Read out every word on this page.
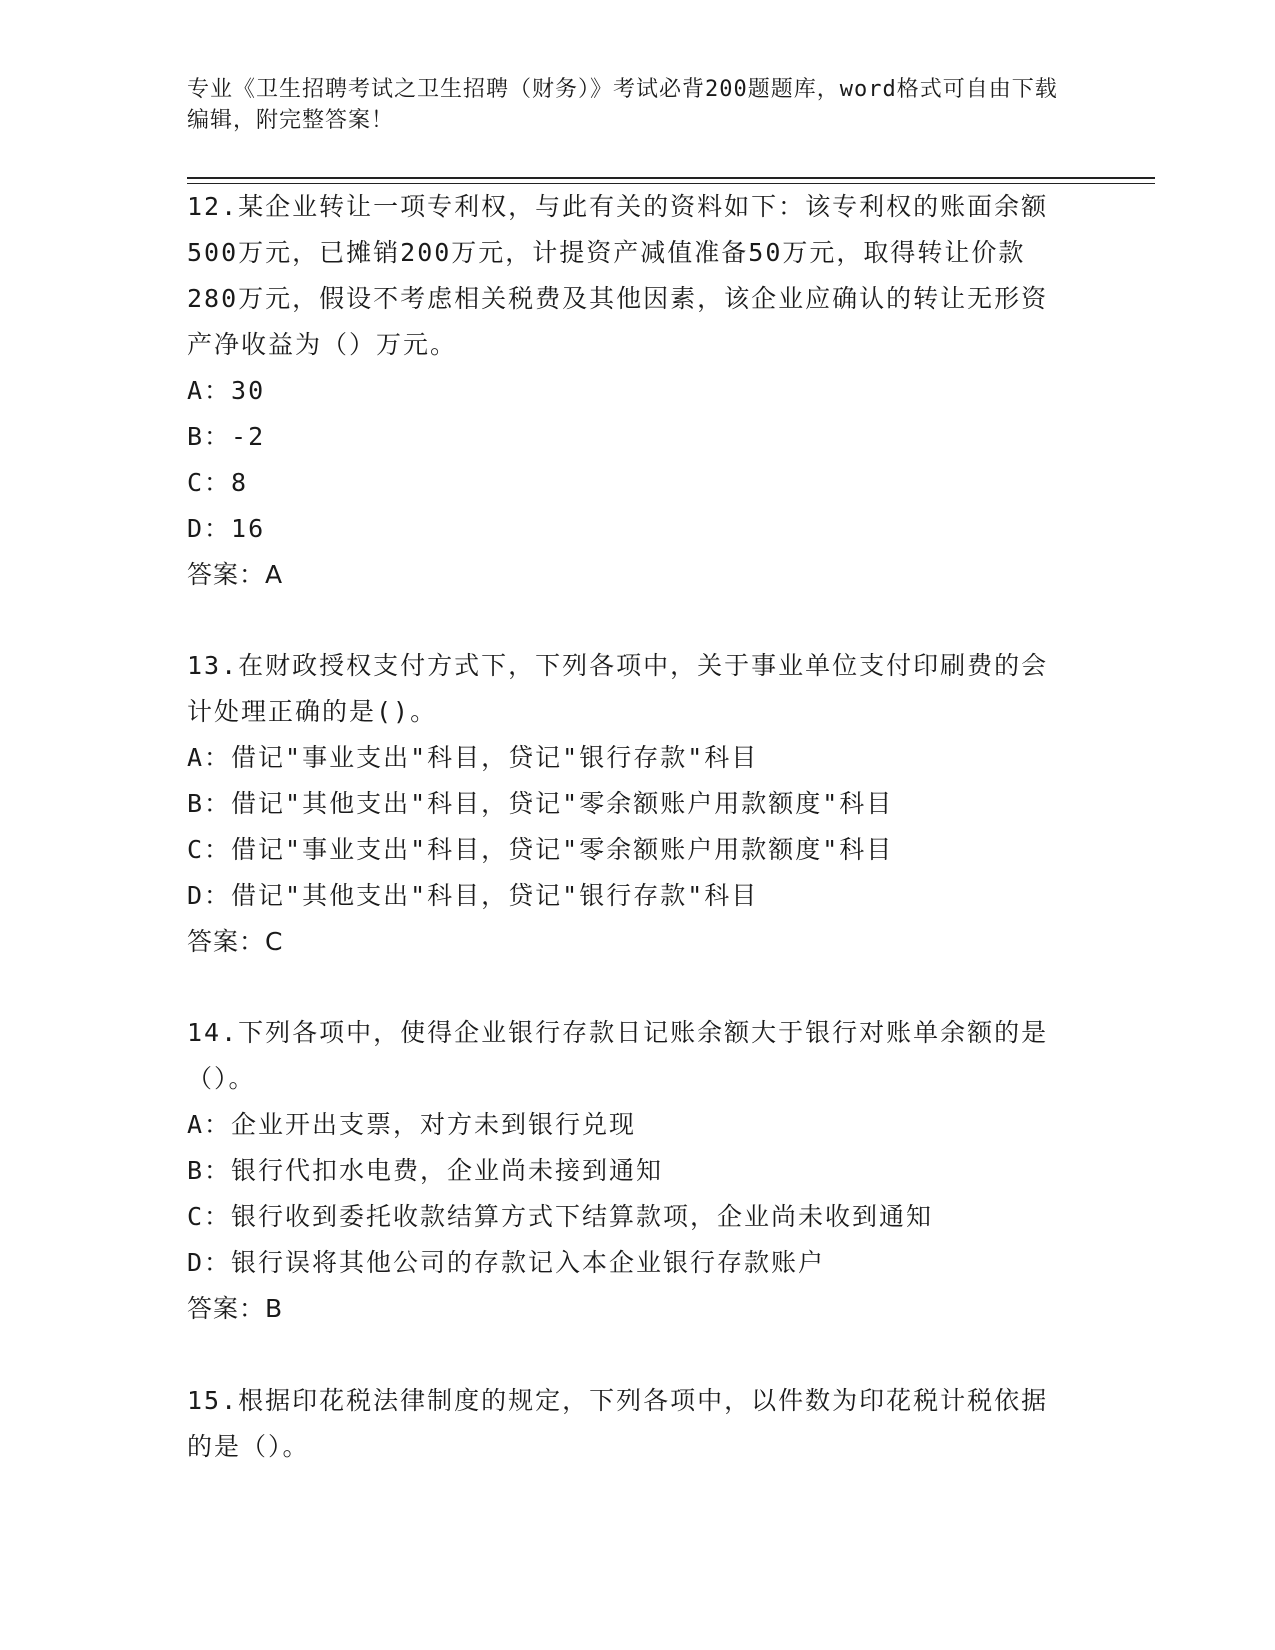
专业《卫生招聘考试之卫生招聘（财务）》考试必背200题题库，word格式可自由下载编辑，附完整答案！
12.某企业转让一项专利权，与此有关的资料如下：该专利权的账面余额500万元，已摊销200万元，计提资产减值准备50万元，取得转让价款280万元，假设不考虑相关税费及其他因素，该企业应确认的转让无形资产净收益为（）万元。
A：30
B：-2
C：8
D：16
答案：A
13.在财政授权支付方式下，下列各项中，关于事业单位支付印刷费的会计处理正确的是()。
A：借记"事业支出"科目，贷记"银行存款"科目
B：借记"其他支出"科目，贷记"零余额账户用款额度"科目
C：借记"事业支出"科目，贷记"零余额账户用款额度"科目
D：借记"其他支出"科目，贷记"银行存款"科目
答案：C
14.下列各项中，使得企业银行存款日记账余额大于银行对账单余额的是（）。
A：企业开出支票，对方未到银行兑现
B：银行代扣水电费，企业尚未接到通知
C：银行收到委托收款结算方式下结算款项，企业尚未收到通知
D：银行误将其他公司的存款记入本企业银行存款账户
答案：B
15.根据印花税法律制度的规定，下列各项中，以件数为印花税计税依据的是（）。
